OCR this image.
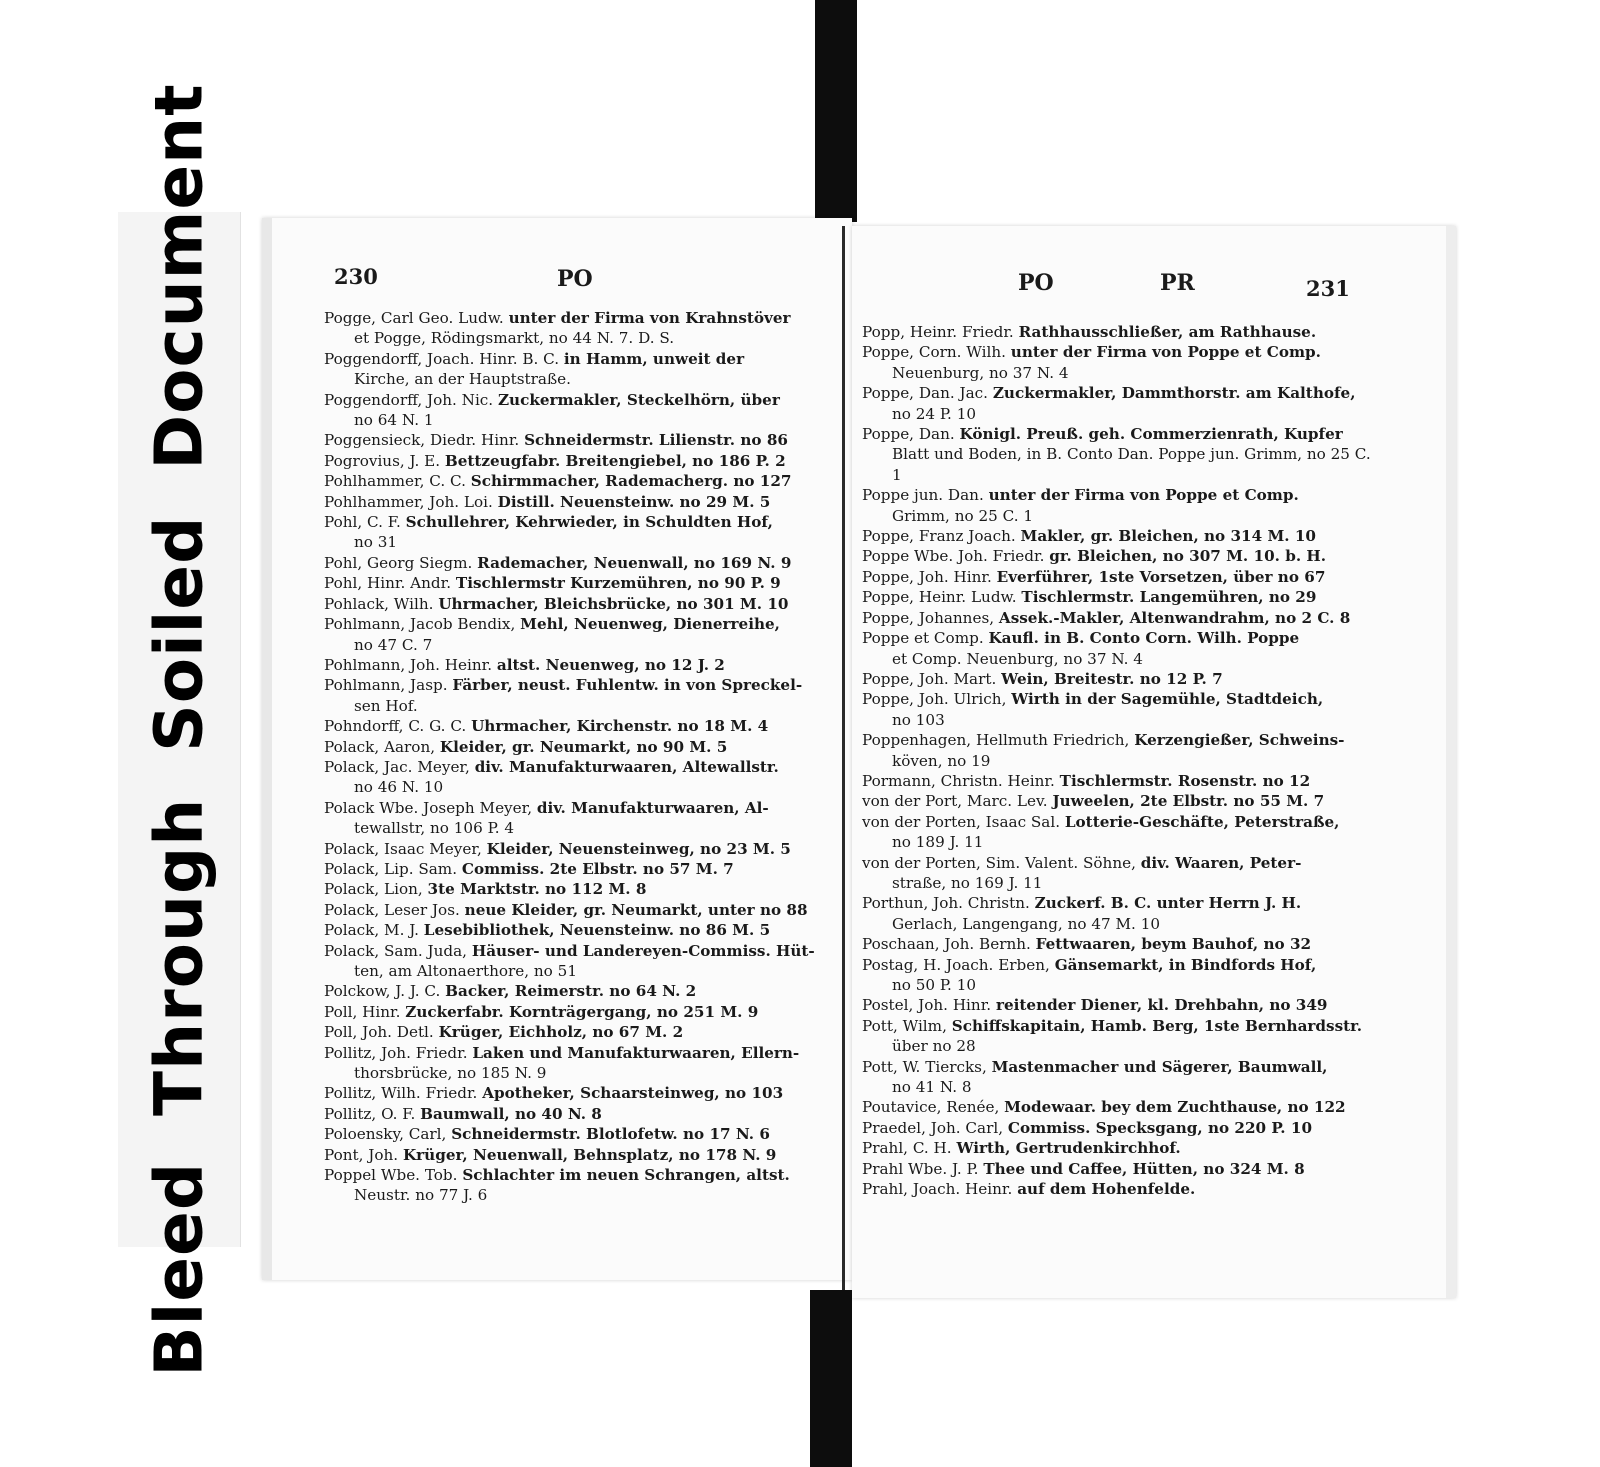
BleedThroughSoiledDocument	230	PO
Pogge, Carl Geo. Ludw. unter der Firma von Krahnstöver
et Pogge, Rödingsmarkt, no 44 N. 7. D. S.
Poggendorff, Joach. Hinr. B. C. in Hamm, unweit der
Kirche, an der Hauptstraße.
Poggendorff, Joh. Nic. Zuckermakler, Steckelhörn, über
no 64 N. 1
Poggensieck, Diedr. Hinr. Schneidermstr. Lilienstr. no 86
Pogrovius, J. E. Bettzeugfabr. Breitengiebel, no 186 P. 2
Pohlhammer, C. C. Schirmmacher, Rademacherg. no 127
Pohlhammer, Joh. Loi. Distill. Neuensteinw. no 29 M. 5
Pohl, C. F. Schullehrer, Kehrwieder, in Schuldten Hof,
no 31
Pohl, Georg Siegm. Rademacher, Neuenwall, no 169 N. 9
Pohl, Hinr. Andr. Tischlermstr Kurzemühren, no 90 P. 9
Pohlack, Wilh. Uhrmacher, Bleichsbrücke, no 301 M. 10
Pohlmann, Jacob Bendix, Mehl, Neuenweg, Dienerreihe,
no 47 C. 7
Pohlmann, Joh. Heinr. altst. Neuenweg, no 12 J. 2
Pohlmann, Jasp. Färber, neust. Fuhlentw. in von Spreckel-
sen Hof.
Pohndorff, C. G. C. Uhrmacher, Kirchenstr. no 18 M. 4
Polack, Aaron, Kleider, gr. Neumarkt, no 90 M. 5
Polack, Jac. Meyer, div. Manufakturwaaren, Altewallstr.
no 46 N. 10
Polack Wbe. Joseph Meyer, div. Manufakturwaaren, Al-
tewallstr, no 106 P. 4
Polack, Isaac Meyer, Kleider, Neuensteinweg, no 23 M. 5
Polack, Lip. Sam. Commiss. 2te Elbstr. no 57 M. 7
Polack, Lion, 3te Marktstr. no 112 M. 8
Polack, Leser Jos. neue Kleider, gr. Neumarkt, unter no 88
Polack, M. J. Lesebibliothek, Neuensteinw. no 86 M. 5
Polack, Sam. Juda, Häuser- und Landereyen-Commiss. Hüt-
ten, am Altonaerthore, no 51
Polckow, J. J. C. Backer, Reimerstr. no 64 N. 2
Poll, Hinr. Zuckerfabr. Kornträgergang, no 251 M. 9
Poll, Joh. Detl. Krüger, Eichholz, no 67 M. 2
Pollitz, Joh. Friedr. Laken und Manufakturwaaren, Ellern-
thorsbrücke, no 185 N. 9
Pollitz, Wilh. Friedr. Apotheker, Schaarsteinweg, no 103
Pollitz, O. F. Baumwall, no 40 N. 8
Poloensky, Carl, Schneidermstr. Blotlofetw. no 17 N. 6
Pont, Joh. Krüger, Neuenwall, Behnsplatz, no 178 N. 9
Poppel Wbe. Tob. Schlachter im neuen Schrangen, altst.
Neustr. no 77 J. 6
PO	PR	231
Popp, Heinr. Friedr. Rathhausschließer, am Rathhause.
Poppe, Corn. Wilh. unter der Firma von Poppe et Comp.
Neuenburg, no 37 N. 4
Poppe, Dan. Jac. Zuckermakler, Dammthorstr. am Kalthofe,
no 24 P. 10
Poppe, Dan. Königl. Preuß. geh. Commerzienrath, Kupfer
Blatt und Boden, in B. Conto Dan. Poppe jun. Grimm, no 25 C. 1
Poppe jun. Dan. unter der Firma von Poppe et Comp.
Grimm, no 25 C. 1
Poppe, Franz Joach. Makler, gr. Bleichen, no 314 M. 10
Poppe Wbe. Joh. Friedr. gr. Bleichen, no 307 M. 10. b. H.
Poppe, Joh. Hinr. Everführer, 1ste Vorsetzen, über no 67
Poppe, Heinr. Ludw. Tischlermstr. Langemühren, no 29
Poppe, Johannes, Assek.-Makler, Altenwandrahm, no 2 C. 8
Poppe et Comp. Kaufl. in B. Conto Corn. Wilh. Poppe
et Comp. Neuenburg, no 37 N. 4
Poppe, Joh. Mart. Wein, Breitestr. no 12 P. 7
Poppe, Joh. Ulrich, Wirth in der Sagemühle, Stadtdeich,
no 103
Poppenhagen, Hellmuth Friedrich, Kerzengießer, Schweins-
köven, no 19
Pormann, Christn. Heinr. Tischlermstr. Rosenstr. no 12
von der Port, Marc. Lev. Juweelen, 2te Elbstr. no 55 M. 7
von der Porten, Isaac Sal. Lotterie-Geschäfte, Peterstraße,
no 189 J. 11
von der Porten, Sim. Valent. Söhne, div. Waaren, Peter-
straße, no 169 J. 11
Porthun, Joh. Christn. Zuckerf. B. C. unter Herrn J. H.
Gerlach, Langengang, no 47 M. 10
Poschaan, Joh. Bernh. Fettwaaren, beym Bauhof, no 32
Postag, H. Joach. Erben, Gänsemarkt, in Bindfords Hof,
no 50 P. 10
Postel, Joh. Hinr. reitender Diener, kl. Drehbahn, no 349
Pott, Wilm, Schiffskapitain, Hamb. Berg, 1ste Bernhardsstr.
über no 28
Pott, W. Tiercks, Mastenmacher und Sägerer, Baumwall,
no 41 N. 8
Poutavice, Renée, Modewaar. bey dem Zuchthause, no 122
Praedel, Joh. Carl, Commiss. Specksgang, no 220 P. 10
Prahl, C. H. Wirth, Gertrudenkirchhof.
Prahl Wbe. J. P. Thee und Caffee, Hütten, no 324 M. 8
Prahl, Joach. Heinr. auf dem Hohenfelde.
